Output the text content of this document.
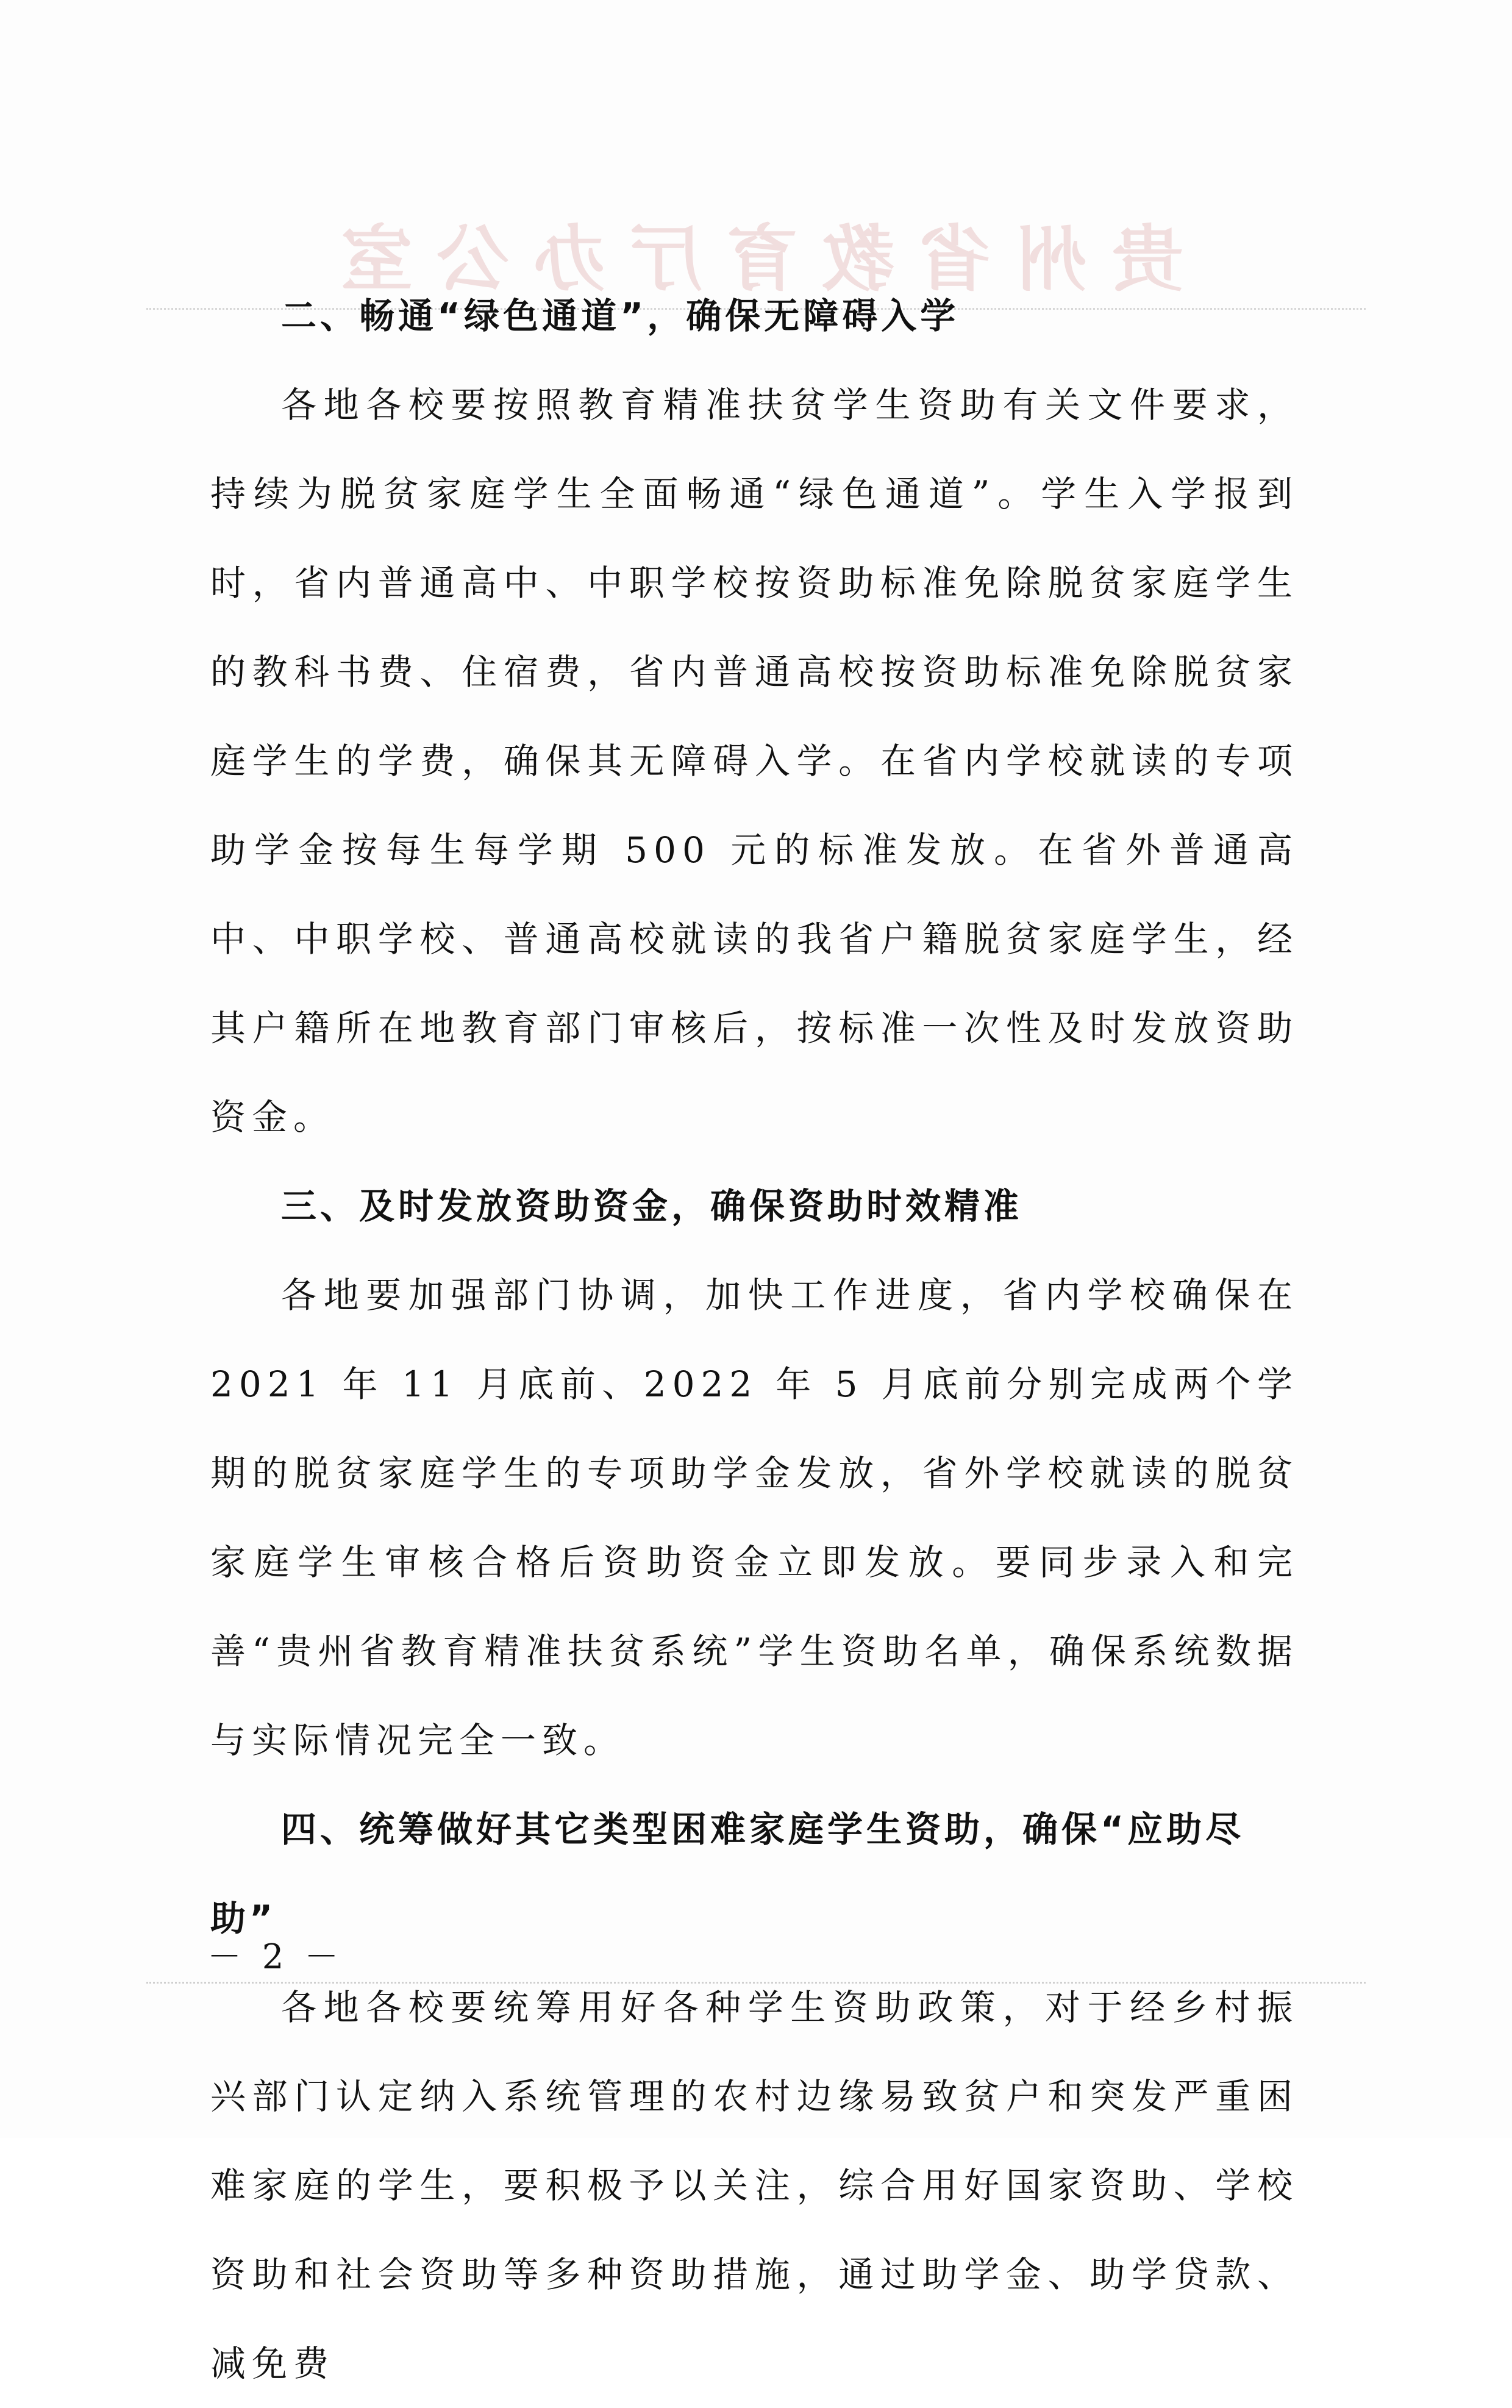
贵州省教育厅办公室

二、畅通“绿色通道”，确保无障碍入学

各地各校要按照教育精准扶贫学生资助有关文件要求，持续为脱贫家庭学生全面畅通“绿色通道”。学生入学报到时，省内普通高中、中职学校按资助标准免除脱贫家庭学生的教科书费、住宿费，省内普通高校按资助标准免除脱贫家庭学生的学费，确保其无障碍入学。在省内学校就读的专项助学金按每生每学期 500 元的标准发放。在省外普通高中、中职学校、普通高校就读的我省户籍脱贫家庭学生，经其户籍所在地教育部门审核后，按标准一次性及时发放资助资金。

三、及时发放资助资金，确保资助时效精准

各地要加强部门协调，加快工作进度，省内学校确保在 2021 年 11 月底前、2022 年 5 月底前分别完成两个学期的脱贫家庭学生的专项助学金发放，省外学校就读的脱贫家庭学生审核合格后资助资金立即发放。要同步录入和完善“贵州省教育精准扶贫系统”学生资助名单，确保系统数据与实际情况完全一致。

四、统筹做好其它类型困难家庭学生资助，确保“应助尽助”

各地各校要统筹用好各种学生资助政策，对于经乡村振兴部门认定纳入系统管理的农村边缘易致贫户和突发严重困难家庭的学生，要积极予以关注，综合用好国家资助、学校资助和社会资助等多种资助措施，通过助学金、助学贷款、减免费

－ 2 －
